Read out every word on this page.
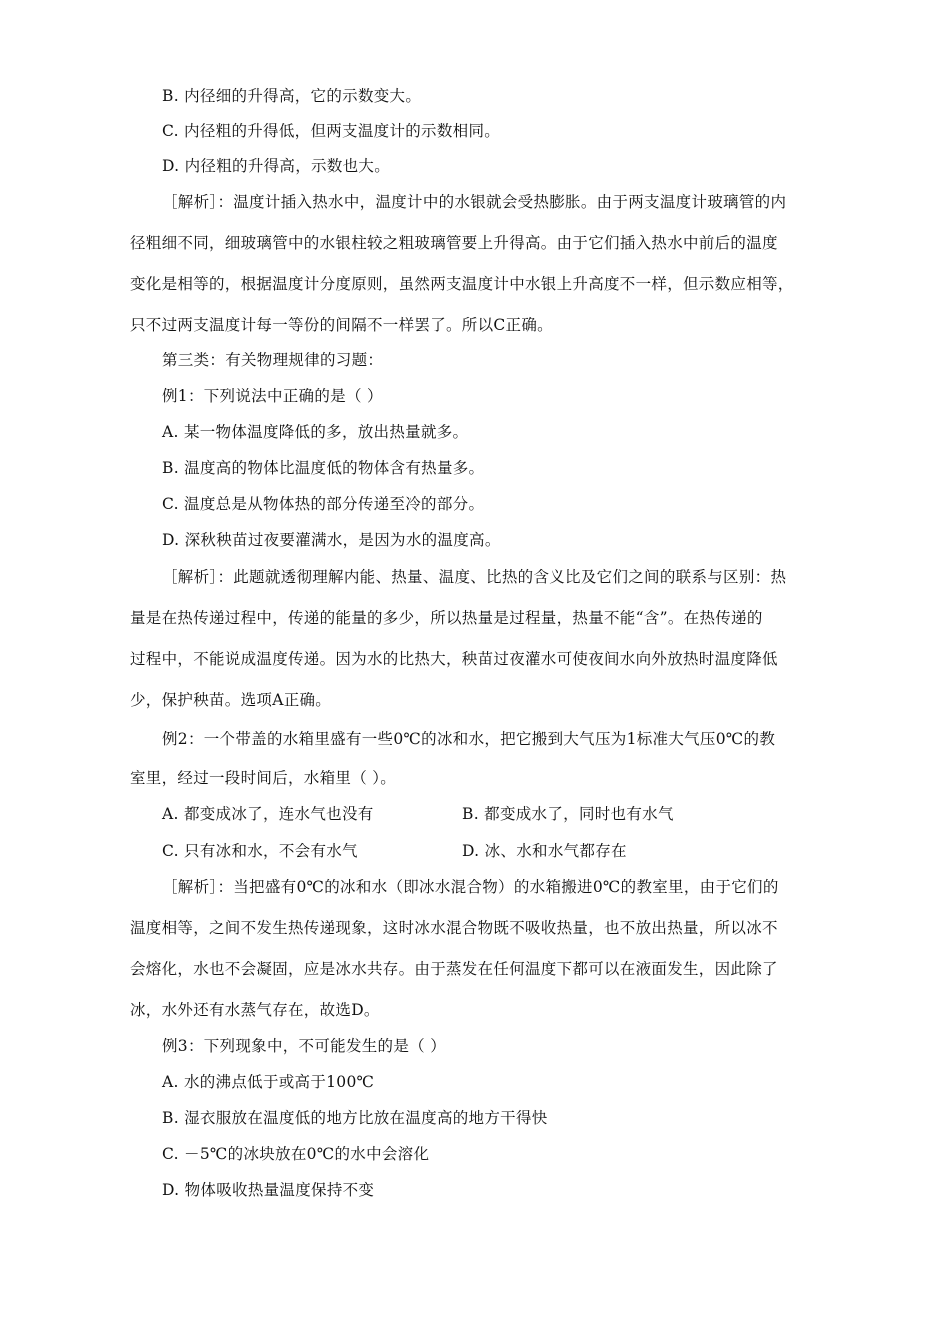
B. 内径细的升得高，它的示数变大。
C. 内径粗的升得低，但两支温度计的示数相同。
D. 内径粗的升得高，示数也大。
［解析］：温度计插入热水中，温度计中的水银就会受热膨胀。由于两支温度计玻璃管的内
径粗细不同，细玻璃管中的水银柱较之粗玻璃管要上升得高。由于它们插入热水中前后的温度
变化是相等的，根据温度计分度原则，虽然两支温度计中水银上升高度不一样，但示数应相等，
只不过两支温度计每一等份的间隔不一样罢了。所以C正确。
第三类：有关物理规律的习题：
例1：下列说法中正确的是（ ）
A. 某一物体温度降低的多，放出热量就多。
B. 温度高的物体比温度低的物体含有热量多。
C. 温度总是从物体热的部分传递至冷的部分。
D. 深秋秧苗过夜要灌满水，是因为水的温度高。
［解析］：此题就透彻理解内能、热量、温度、比热的含义比及它们之间的联系与区别：热
量是在热传递过程中，传递的能量的多少，所以热量是过程量，热量不能“含”。在热传递的
过程中，不能说成温度传递。因为水的比热大，秧苗过夜灌水可使夜间水向外放热时温度降低
少，保护秧苗。选项A正确。
例2：一个带盖的水箱里盛有一些0℃的冰和水，把它搬到大气压为1标准大气压0℃的教
室里，经过一段时间后，水箱里（ ）。
A. 都变成冰了，连水气也没有	B. 都变成水了，同时也有水气
C. 只有冰和水，不会有水气	D. 冰、水和水气都存在
［解析］：当把盛有0℃的冰和水（即冰水混合物）的水箱搬进0℃的教室里，由于它们的
温度相等，之间不发生热传递现象，这时冰水混合物既不吸收热量，也不放出热量，所以冰不
会熔化，水也不会凝固，应是冰水共存。由于蒸发在任何温度下都可以在液面发生，因此除了
冰，水外还有水蒸气存在，故选D。
例3：下列现象中，不可能发生的是（ ）
A. 水的沸点低于或高于100℃
B. 湿衣服放在温度低的地方比放在温度高的地方干得快
C. －5℃的冰块放在0℃的水中会溶化
D. 物体吸收热量温度保持不变
